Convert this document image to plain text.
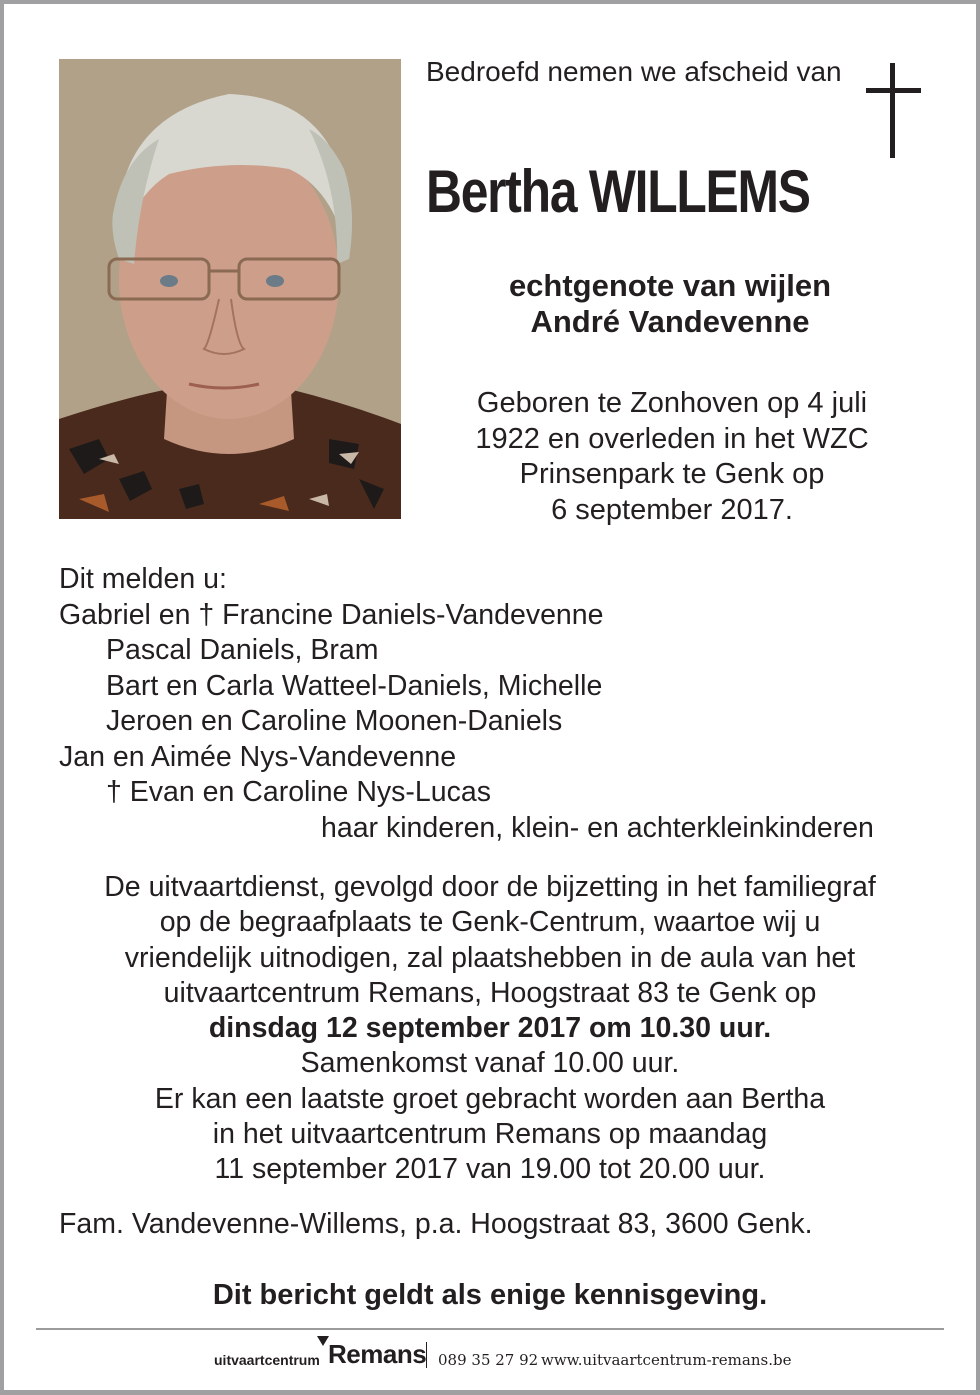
Bedroefd nemen we afscheid van
Bertha WILLEMS
echtgenote van wijlen
André Vandevenne
Geboren te Zonhoven op 4 juli
1922 en overleden in het WZC
Prinsenpark te Genk op
6 september 2017.
Dit melden u:
Gabriel en † Francine Daniels-Vandevenne
Pascal Daniels, Bram
Bart en Carla Watteel-Daniels, Michelle
Jeroen en Caroline Moonen-Daniels
Jan en Aimée Nys-Vandevenne
† Evan en Caroline Nys-Lucas
haar kinderen, klein- en achterkleinkinderen
De uitvaartdienst, gevolgd door de bijzetting in het familiegraf
op de begraafplaats te Genk-Centrum, waartoe wij u
vriendelijk uitnodigen, zal plaatshebben in de aula van het
uitvaartcentrum Remans, Hoogstraat 83 te Genk op
dinsdag 12 september 2017 om 10.30 uur.
Samenkomst vanaf 10.00 uur.
Er kan een laatste groet gebracht worden aan Bertha
in het uitvaartcentrum Remans op maandag
11 september 2017 van 19.00 tot 20.00 uur.
Fam. Vandevenne-Willems, p.a. Hoogstraat 83, 3600 Genk.
Dit bericht geldt als enige kennisgeving.
uitvaartcentrum Remans 089 35 27 92 www.uitvaartcentrum-remans.be
